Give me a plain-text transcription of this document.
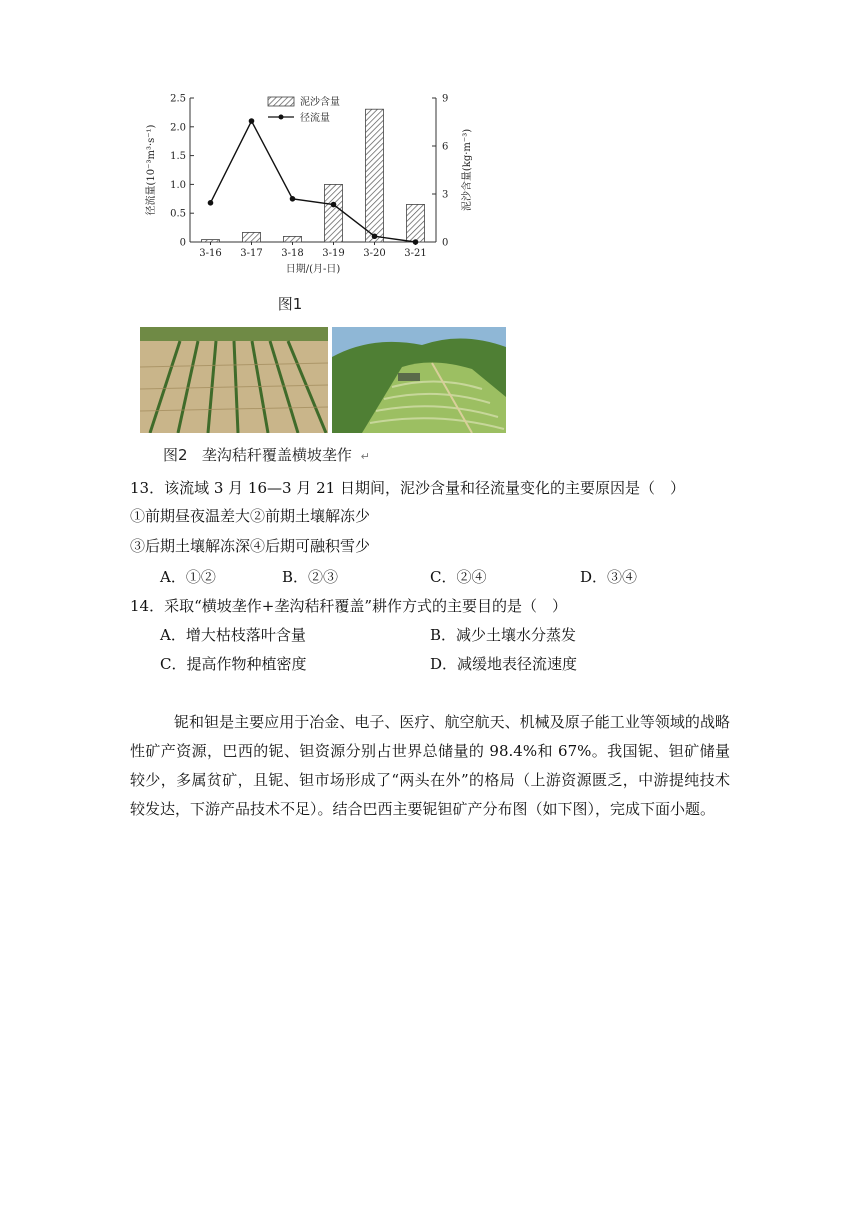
0
0.5
1.0
1.5
2.0
2.5
0
3
6
9
3-16 3-17 3-18 3-19 3-20 3-21
日期/(月-日)
径流量(10⁻³m³·s⁻¹)	泥沙含量(kg·m⁻³)
泥沙含量
径流量
图1
图2 垄沟秸秆覆盖横坡垄作 ↵
13．该流域 3 月 16—3 月 21 日期间，泥沙含量和径流量变化的主要原因是（　）
①前期昼夜温差大②前期土壤解冻少
③后期土壤解冻深④后期可融积雪少
A．①②	B．②③	C．②④	D．③④
14．采取“横坡垄作+垄沟秸秆覆盖”耕作方式的主要目的是（　）
A．增大枯枝落叶含量	B．减少土壤水分蒸发
C．提高作物种植密度	D．减缓地表径流速度
铌和钽是主要应用于冶金、电子、医疗、航空航天、机械及原子能工业等领域的战略性矿产资源，巴西的铌、钽资源分别占世界总储量的 98.4%和 67%。我国铌、钽矿储量较少，多属贫矿，且铌、钽市场形成了“两头在外”的格局（上游资源匮乏，中游提纯技术较发达，下游产品技术不足）。结合巴西主要铌钽矿产分布图（如下图），完成下面小题。
